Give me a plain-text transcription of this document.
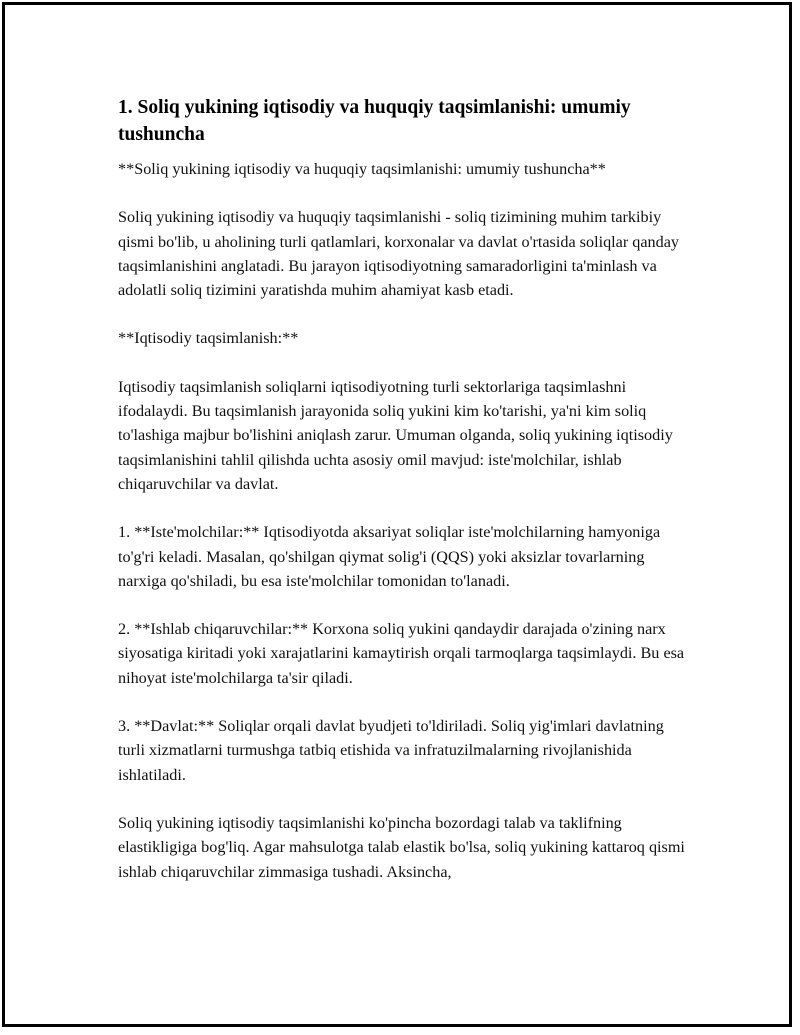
1. Soliq yukining iqtisodiy va huquqiy taqsimlanishi: umumiy tushuncha

**Soliq yukining iqtisodiy va huquqiy taqsimlanishi: umumiy tushuncha**

Soliq yukining iqtisodiy va huquqiy taqsimlanishi - soliq tizimining muhim tarkibiy qismi bo'lib, u aholining turli qatlamlari, korxonalar va davlat o'rtasida soliqlar qanday taqsimlanishini anglatadi. Bu jarayon iqtisodiyotning samaradorligini ta'minlash va adolatli soliq tizimini yaratishda muhim ahamiyat kasb etadi.

**Iqtisodiy taqsimlanish:**

Iqtisodiy taqsimlanish soliqlarni iqtisodiyotning turli sektorlariga taqsimlashni ifodalaydi. Bu taqsimlanish jarayonida soliq yukini kim ko'tarishi, ya'ni kim soliq to'lashiga majbur bo'lishini aniqlash zarur. Umuman olganda, soliq yukining iqtisodiy taqsimlanishini tahlil qilishda uchta asosiy omil mavjud: iste'molchilar, ishlab chiqaruvchilar va davlat.

1. **Iste'molchilar:** Iqtisodiyotda aksariyat soliqlar iste'molchilarning hamyoniga to'g'ri keladi. Masalan, qo'shilgan qiymat solig'i (QQS) yoki aksizlar tovarlarning narxiga qo'shiladi, bu esa iste'molchilar tomonidan to'lanadi.

2. **Ishlab chiqaruvchilar:** Korxona soliq yukini qandaydir darajada o'zining narx siyosatiga kiritadi yoki xarajatlarini kamaytirish orqali tarmoqlarga taqsimlaydi. Bu esa nihoyat iste'molchilarga ta'sir qiladi.

3. **Davlat:** Soliqlar orqali davlat byudjeti to'ldiriladi. Soliq yig'imlari davlatning turli xizmatlarni turmushga tatbiq etishida va infratuzilmalarning rivojlanishida ishlatiladi.

Soliq yukining iqtisodiy taqsimlanishi ko'pincha bozordagi talab va taklifning elastikligiga bog'liq. Agar mahsulotga talab elastik bo'lsa, soliq yukining kattaroq qismi ishlab chiqaruvchilar zimmasiga tushadi. Aksincha,
